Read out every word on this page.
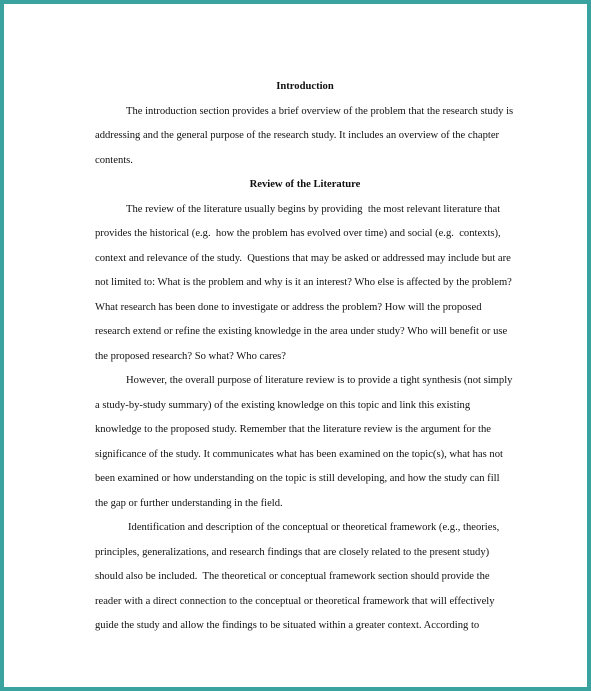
Introduction

The introduction section provides a brief overview of the problem that the research study is addressing and the general purpose of the research study. It includes an overview of the chapter contents.

Review of the Literature

The review of the literature usually begins by providing  the most relevant literature that provides the historical (e.g.  how the problem has evolved over time) and social (e.g.  contexts), context and relevance of the study.  Questions that may be asked or addressed may include but are not limited to: What is the problem and why is it an interest? Who else is affected by the problem? What research has been done to investigate or address the problem? How will the proposed research extend or refine the existing knowledge in the area under study? Who will benefit or use the proposed research? So what? Who cares?

However, the overall purpose of literature review is to provide a tight synthesis (not simply a study-by-study summary) of the existing knowledge on this topic and link this existing knowledge to the proposed study. Remember that the literature review is the argument for the significance of the study. It communicates what has been examined on the topic(s), what has not been examined or how understanding on the topic is still developing, and how the study can fill the gap or further understanding in the field.

Identification and description of the conceptual or theoretical framework (e.g., theories, principles, generalizations, and research findings that are closely related to the present study) should also be included.  The theoretical or conceptual framework section should provide the reader with a direct connection to the conceptual or theoretical framework that will effectively guide the study and allow the findings to be situated within a greater context. According to
